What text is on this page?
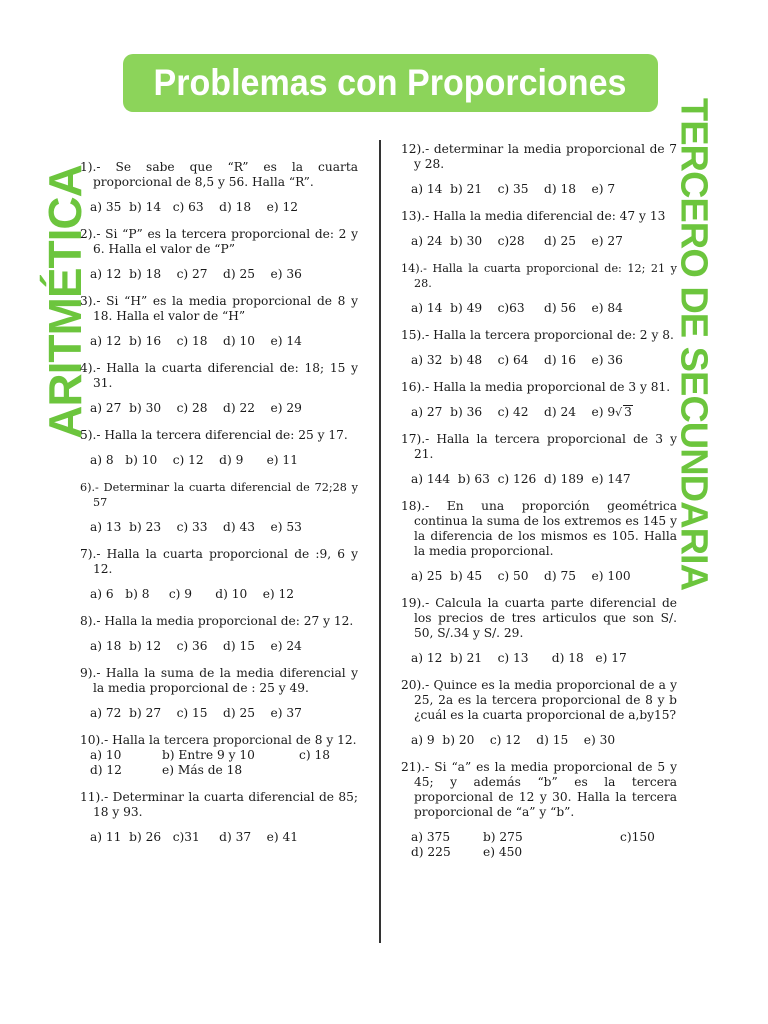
Problemas con Proporciones
ARITMÉTICA	TERCERO DE SECUNDARIA
1).- Se sabe que “R” es la cuarta proporcional de 8,5 y 56. Halla “R”.
a) 35  b) 14   c) 63    d) 18    e) 12
2).- Si “P” es la tercera proporcional de: 2 y 6. Halla el valor de “P”
a) 12  b) 18    c) 27    d) 25    e) 36
3).- Si “H” es la media proporcional de 8 y 18. Halla el valor de “H”
a) 12  b) 16    c) 18    d) 10    e) 14
4).- Halla la cuarta diferencial de: 18; 15 y 31.
a) 27  b) 30    c) 28    d) 22    e) 29
5).- Halla la tercera diferencial de: 25 y 17.
a) 8   b) 10    c) 12    d) 9      e) 11
6).- Determinar la cuarta diferencial de 72;28 y 57
a) 13  b) 23    c) 33    d) 43    e) 53
7).- Halla la cuarta proporcional de :9, 6 y 12.
a) 6   b) 8     c) 9      d) 10    e) 12
8).- Halla la media proporcional de: 27 y 12.
a) 18  b) 12    c) 36    d) 15    e) 24
9).- Halla la suma de la media diferencial y la media proporcional de : 25 y 49.
a) 72  b) 27    c) 15    d) 25    e) 37
10).- Halla la tercera proporcional de 8 y 12.
a) 10	b) Entre 9 y 10	c) 18
d) 12	e) Más de 18
11).- Determinar la cuarta diferencial de 85; 18 y 93.
a) 11  b) 26   c)31     d) 37    e) 41
12).- determinar la media proporcional de 7 y 28.
a) 14  b) 21    c) 35    d) 18    e) 7
13).- Halla la media diferencial de: 47 y 13
a) 24  b) 30    c)28     d) 25    e) 27
14).- Halla la cuarta proporcional de: 12; 21 y 28.
a) 14  b) 49    c)63     d) 56    e) 84
15).- Halla la tercera proporcional de: 2 y 8.
a) 32  b) 48    c) 64    d) 16    e) 36
16).- Halla la media proporcional de 3 y 81.
a) 27  b) 36    c) 42    d) 24    e) 9√ 3
17).- Halla la tercera proporcional de 3 y 21.
a) 144  b) 63  c) 126  d) 189  e) 147
18).- En una proporción geométrica continua la suma de los extremos es 145 y la diferencia de los mismos es 105. Halla la media proporcional.
a) 25  b) 45    c) 50    d) 75    e) 100
19).- Calcula la cuarta parte diferencial de los precios de tres articulos que son S/. 50, S/.34 y S/. 29.
a) 12  b) 21    c) 13      d) 18   e) 17
20).- Quince es la media proporcional de a y 25, 2a es la tercera proporcional de 8 y b ¿cuál es la cuarta proporcional de a,by15?
a) 9  b) 20    c) 12    d) 15    e) 30
21).- Si “a” es la media proporcional de 5 y 45; y además “b” es la tercera proporcional de 12 y 30. Halla la tercera proporcional de “a” y “b”.
a) 375	b) 275	c)150
d) 225	e) 450
